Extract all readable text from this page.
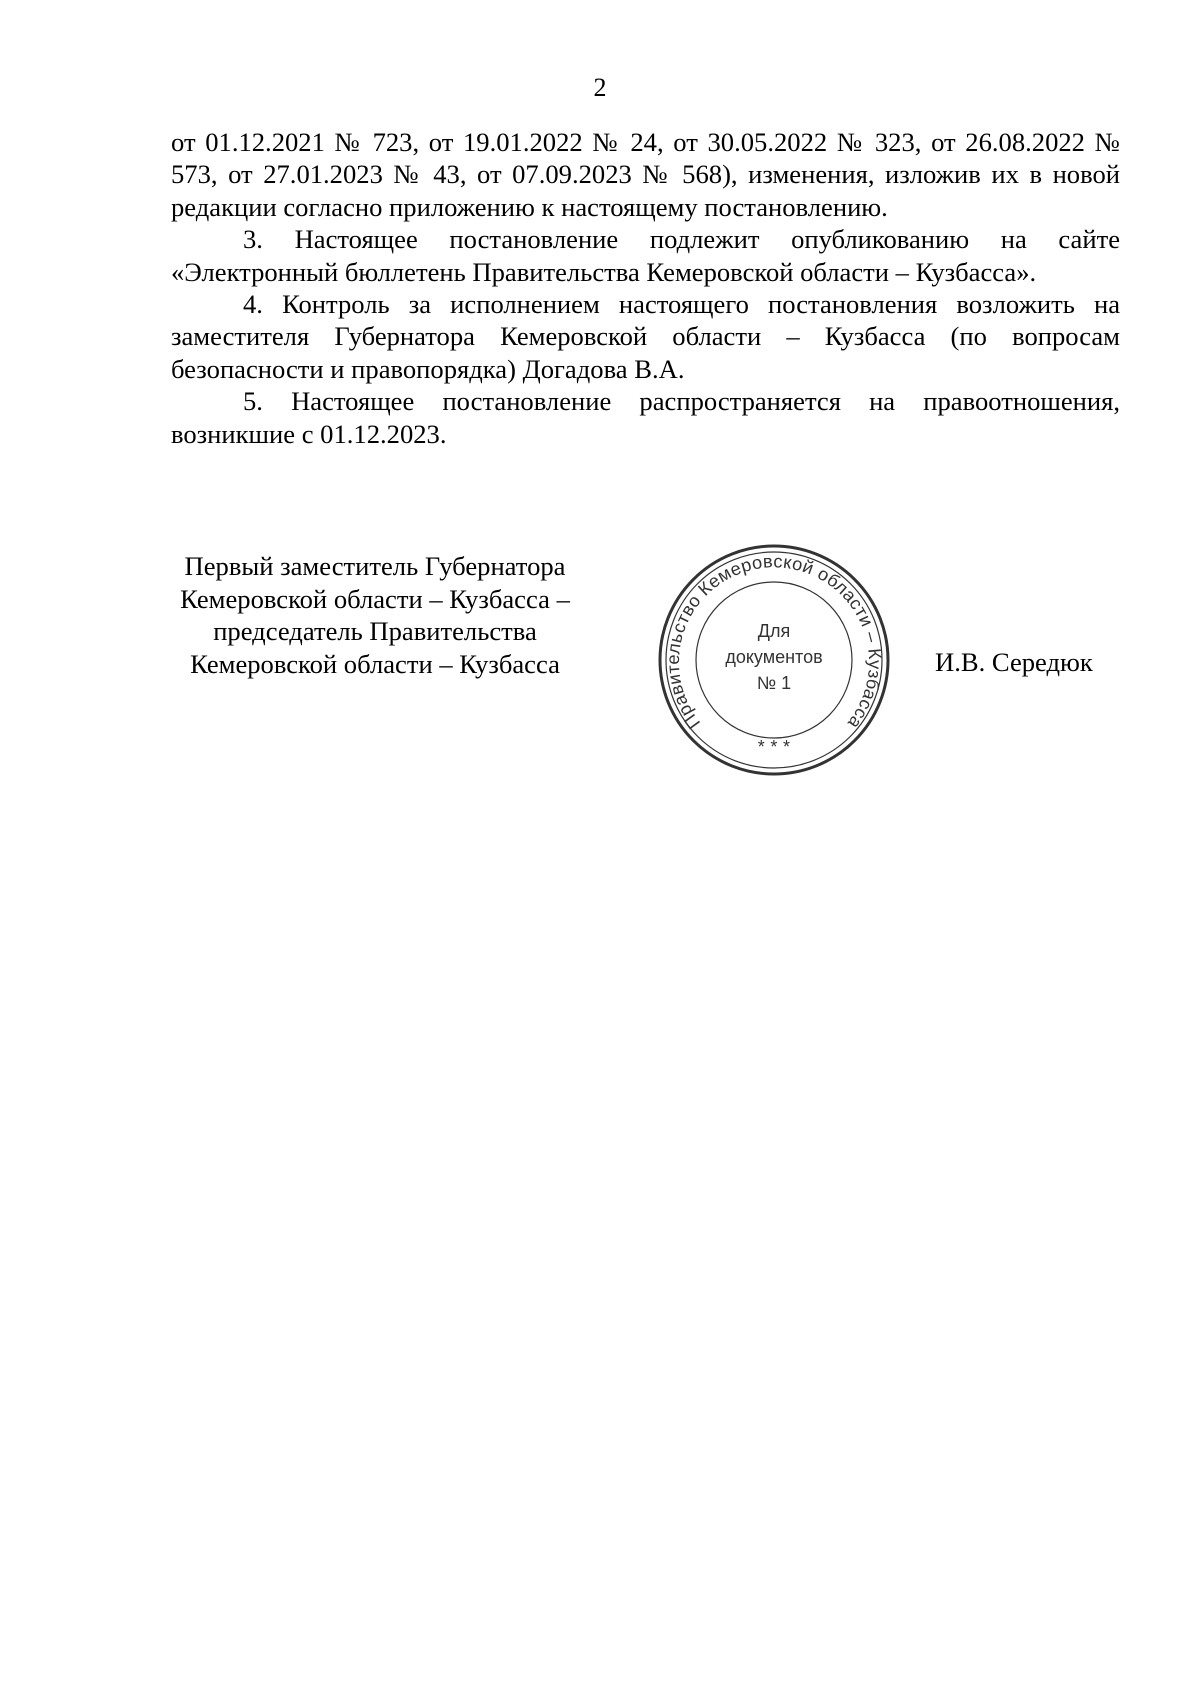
2

от 01.12.2021 № 723, от 19.01.2022 № 24, от 30.05.2022 № 323, от 26.08.2022 № 573, от 27.01.2023 № 43, от 07.09.2023 № 568), изменения, изложив их в новой редакции согласно приложению к настоящему постановлению.

3. Настоящее постановление подлежит опубликованию на сайте «Электронный бюллетень Правительства Кемеровской области – Кузбасса».

4. Контроль за исполнением настоящего постановления возложить на заместителя Губернатора Кемеровской области – Кузбасса (по вопросам безопасности и правопорядка) Догадова В.А.

5. Настоящее постановление распространяется на правоотношения, возникшие с 01.12.2023.

Первый заместитель Губернатора
Кемеровской области – Кузбасса –
председатель Правительства
Кемеровской области – Кузбасса
Правительство Кемеровской области – Кузбасса
* * *
Для
документов
№ 1
И.В. Середюк
